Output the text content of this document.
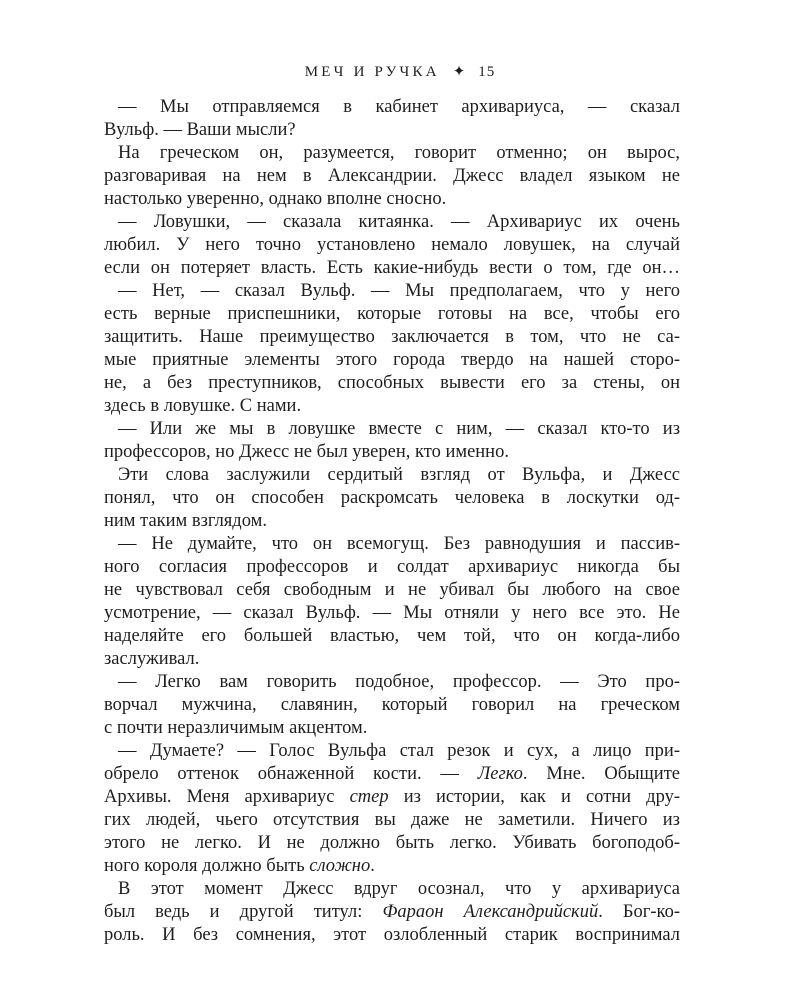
МЕЧ И РУЧКА ✦ 15
— Мы отправляемся в кабинет архивариуса, — сказал
Вульф. — Ваши мысли?
На греческом он, разумеется, говорит отменно; он вырос,
разговаривая на нем в Александрии. Джесс владел языком не
настолько уверенно, однако вполне сносно.
— Ловушки, — сказала китаянка. — Архивариус их очень
любил. У него точно установлено немало ловушек, на случай
если он потеряет власть. Есть какие-нибудь вести о том, где он…
— Нет, — сказал Вульф. — Мы предполагаем, что у него
есть верные приспешники, которые готовы на все, чтобы его
защитить. Наше преимущество заключается в том, что не са-
мые приятные элементы этого города твердо на нашей сторо-
не, а без преступников, способных вывести его за стены, он
здесь в ловушке. С нами.
— Или же мы в ловушке вместе с ним, — сказал кто-то из
профессоров, но Джесс не был уверен, кто именно.
Эти слова заслужили сердитый взгляд от Вульфа, и Джесс
понял, что он способен раскромсать человека в лоскутки од-
ним таким взглядом.
— Не думайте, что он всемогущ. Без равнодушия и пассив-
ного согласия профессоров и солдат архивариус никогда бы
не чувствовал себя свободным и не убивал бы любого на свое
усмотрение, — сказал Вульф. — Мы отняли у него все это. Не
наделяйте его большей властью, чем той, что он когда-либо
заслуживал.
— Легко вам говорить подобное, профессор. — Это про-
ворчал мужчина, славянин, который говорил на греческом
с почти неразличимым акцентом.
— Думаете? — Голос Вульфа стал резок и сух, а лицо при-
обрело оттенок обнаженной кости. — Легко. Мне. Обыщите
Архивы. Меня архивариус стер из истории, как и сотни дру-
гих людей, чьего отсутствия вы даже не заметили. Ничего из
этого не легко. И не должно быть легко. Убивать богоподоб-
ного короля должно быть сложно.
В этот момент Джесс вдруг осознал, что у архивариуса
был ведь и другой титул: Фараон Александрийский. Бог-ко-
роль. И без сомнения, этот озлобленный старик воспринимал
